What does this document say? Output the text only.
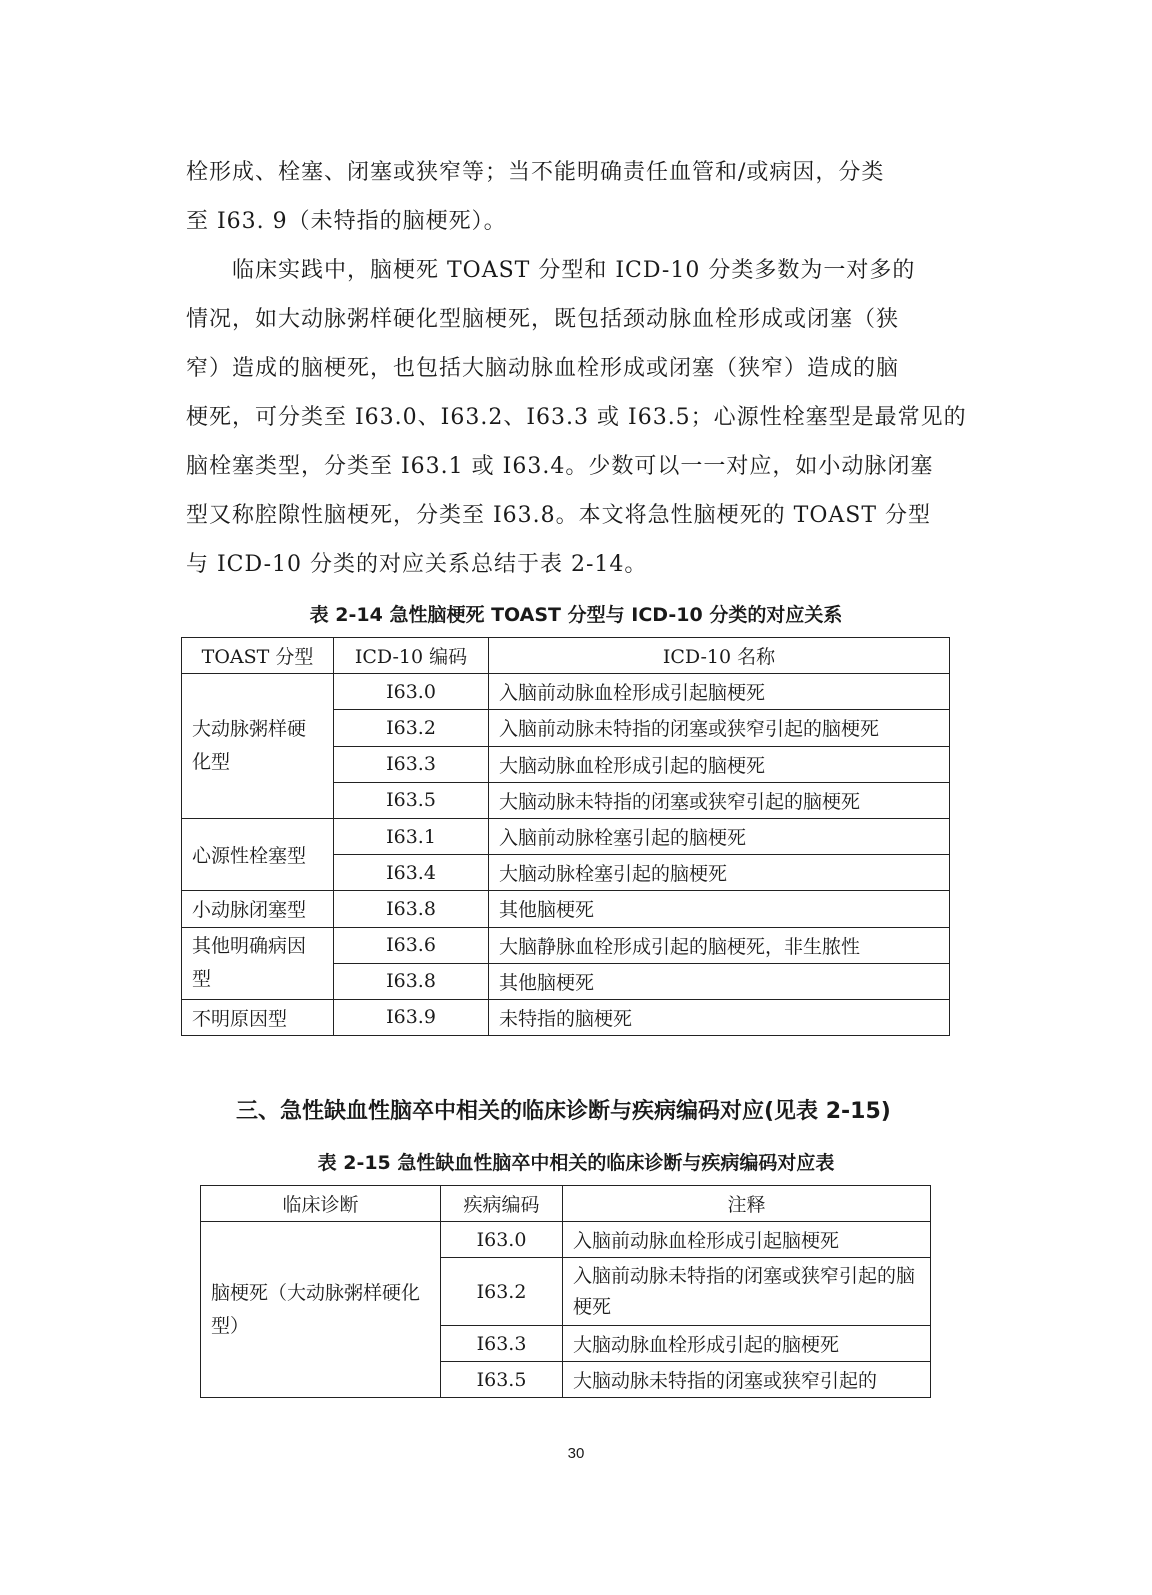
栓形成、栓塞、闭塞或狭窄等；当不能明确责任血管和/或病因，分类
至 I63. 9（未特指的脑梗死）。
　　临床实践中，脑梗死 TOAST 分型和 ICD-10 分类多数为一对多的
情况，如大动脉粥样硬化型脑梗死，既包括颈动脉血栓形成或闭塞（狭
窄）造成的脑梗死，也包括大脑动脉血栓形成或闭塞（狭窄）造成的脑
梗死，可分类至 I63.0、I63.2、I63.3 或 I63.5；心源性栓塞型是最常见的
脑栓塞类型，分类至 I63.1 或 I63.4。少数可以一一对应，如小动脉闭塞
型又称腔隙性脑梗死，分类至 I63.8。本文将急性脑梗死的 TOAST 分型
与 ICD-10 分类的对应关系总结于表 2-14。

表 2-14 急性脑梗死 TOAST 分型与 ICD-10 分类的对应关系

TOAST 分型	ICD-10 编码	ICD-10 名称
大动脉粥样硬化型	I63.0	入脑前动脉血栓形成引起脑梗死
	I63.2	入脑前动脉未特指的闭塞或狭窄引起的脑梗死
	I63.3	大脑动脉血栓形成引起的脑梗死
	I63.5	大脑动脉未特指的闭塞或狭窄引起的脑梗死
心源性栓塞型	I63.1	入脑前动脉栓塞引起的脑梗死
	I63.4	大脑动脉栓塞引起的脑梗死
小动脉闭塞型	I63.8	其他脑梗死
其他明确病因型	I63.6	大脑静脉血栓形成引起的脑梗死，非生脓性
	I63.8	其他脑梗死
不明原因型	I63.9	未特指的脑梗死

三、急性缺血性脑卒中相关的临床诊断与疾病编码对应(见表 2-15)

表 2-15 急性缺血性脑卒中相关的临床诊断与疾病编码对应表

临床诊断	疾病编码	注释
脑梗死（大动脉粥样硬化型）	I63.0	入脑前动脉血栓形成引起脑梗死
	I63.2	入脑前动脉未特指的闭塞或狭窄引起的脑梗死
	I63.3	大脑动脉血栓形成引起的脑梗死
	I63.5	大脑动脉未特指的闭塞或狭窄引起的

30
